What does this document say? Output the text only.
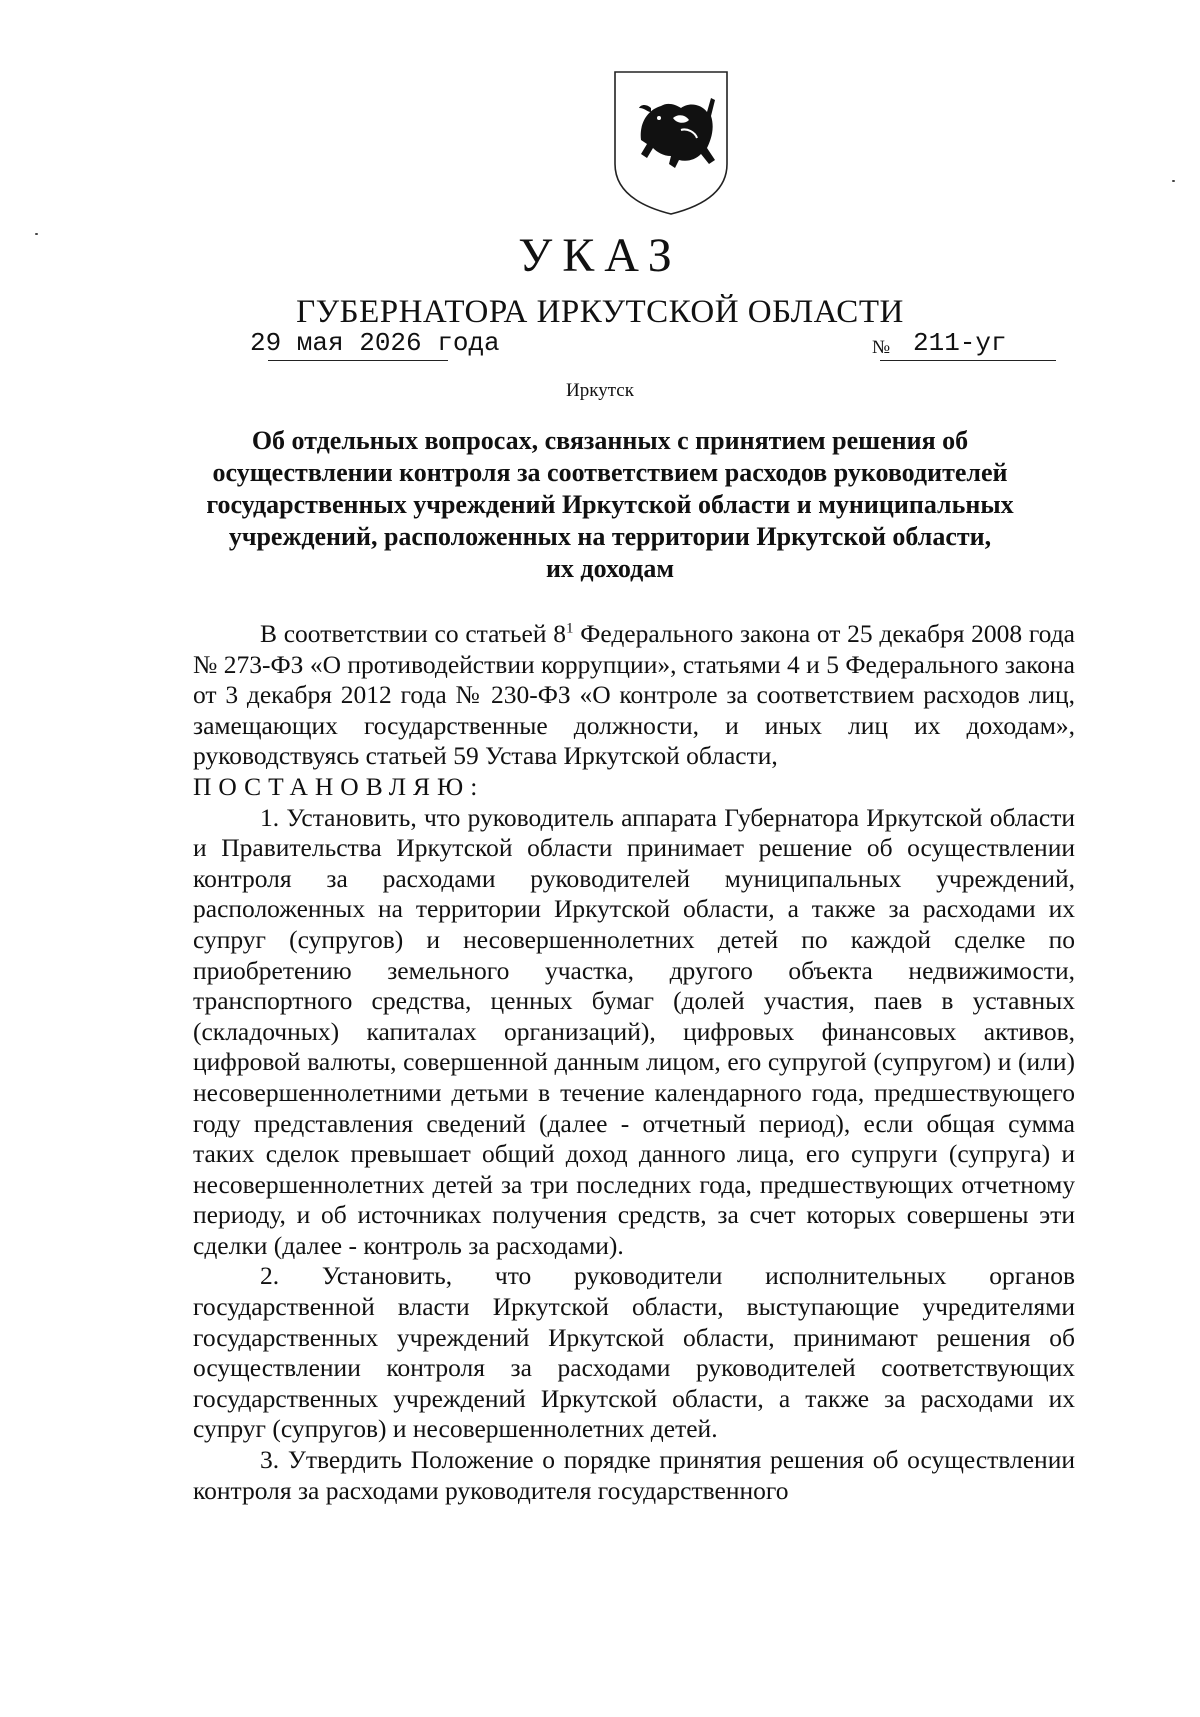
УКАЗ
ГУБЕРНАТОРА ИРКУТСКОЙ ОБЛАСТИ
29 мая 2026 года	№ 211-уг
Иркутск
Об отдельных вопросах, связанных с принятием решения об
осуществлении контроля за соответствием расходов руководителей
государственных учреждений Иркутской области и муниципальных
учреждений, расположенных на территории Иркутской области,
их доходам

В соответствии со статьей $8^1$ Федерального закона от 25 декабря 2008 года № 273-ФЗ «О противодействии коррупции», статьями 4 и 5 Федерального закона от 3 декабря 2012 года № 230-ФЗ «О контроле за соответствием расходов лиц, замещающих государственные должности, и иных лиц их доходам», руководствуясь статьей 59 Устава Иркутской области,

ПОСТАНОВЛЯЮ:

1. Установить, что руководитель аппарата Губернатора Иркутской области и Правительства Иркутской области принимает решение об осуществлении контроля за расходами руководителей муниципальных учреждений, расположенных на территории Иркутской области, а также за расходами их супруг (супругов) и несовершеннолетних детей по каждой сделке по приобретению земельного участка, другого объекта недвижимости, транспортного средства, ценных бумаг (долей участия, паев в уставных (складочных) капиталах организаций), цифровых финансовых активов, цифровой валюты, совершенной данным лицом, его супругой (супругом) и (или) несовершеннолетними детьми в течение календарного года, предшествующего году представления сведений (далее - отчетный период), если общая сумма таких сделок превышает общий доход данного лица, его супруги (супруга) и несовершеннолетних детей за три последних года, предшествующих отчетному периоду, и об источниках получения средств, за счет которых совершены эти сделки (далее - контроль за расходами).

2. Установить, что руководители исполнительных органов государственной власти Иркутской области, выступающие учредителями государственных учреждений Иркутской области, принимают решения об осуществлении контроля за расходами руководителей соответствующих государственных учреждений Иркутской области, а также за расходами их супруг (супругов) и несовершеннолетних детей.

3. Утвердить Положение о порядке принятия решения об осуществлении контроля за расходами руководителя государственного
